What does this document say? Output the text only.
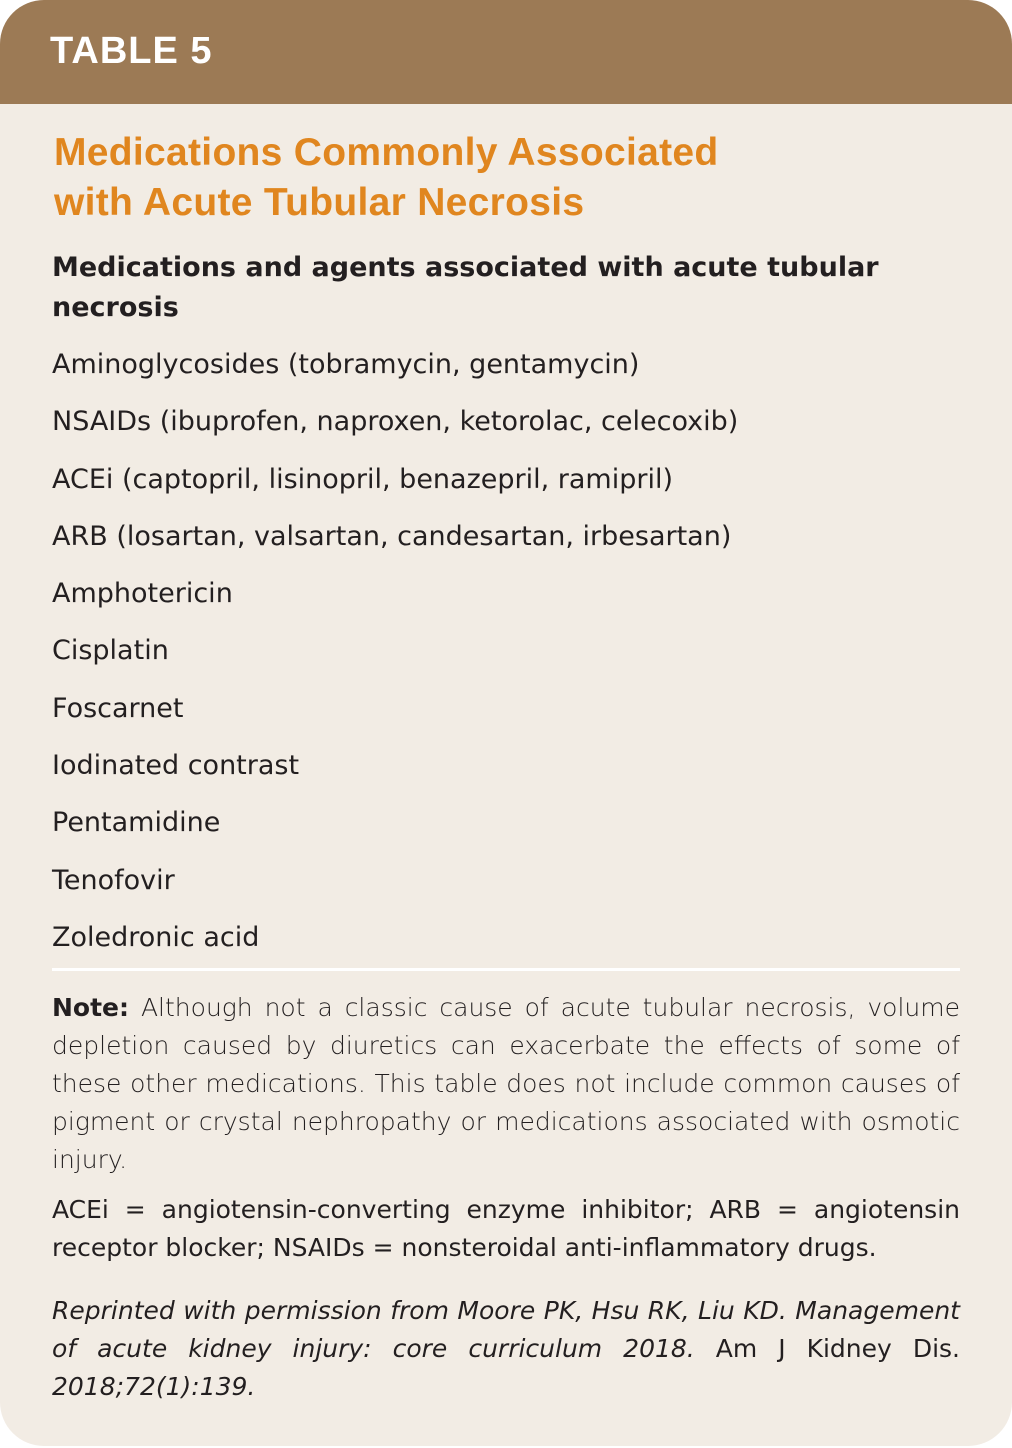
TABLE 5
Medications Commonly Associated
with Acute Tubular Necrosis
Medications and agents associated with acute tubular necrosis
Aminoglycosides (tobramycin, gentamycin)
NSAIDs (ibuprofen, naproxen, ketorolac, celecoxib)
ACEi (captopril, lisinopril, benazepril, ramipril)
ARB (losartan, valsartan, candesartan, irbesartan)
Amphotericin
Cisplatin
Foscarnet
Iodinated contrast
Pentamidine
Tenofovir
Zoledronic acid

Note: Although not a classic cause of acute tubular necrosis, volume depletion caused by diuretics can exacerbate the effects of some of these other medications. This table does not include common causes of pigment or crystal nephropathy or medications associated with osmotic injury.

ACEi = angiotensin-converting enzyme inhibitor; ARB = angiotensin receptor blocker; NSAIDs = nonsteroidal anti-inflammatory drugs.

Reprinted with permission from Moore PK, Hsu RK, Liu KD. Management of acute kidney injury: core curriculum 2018. Am J Kidney Dis. 2018;72(1):139.
